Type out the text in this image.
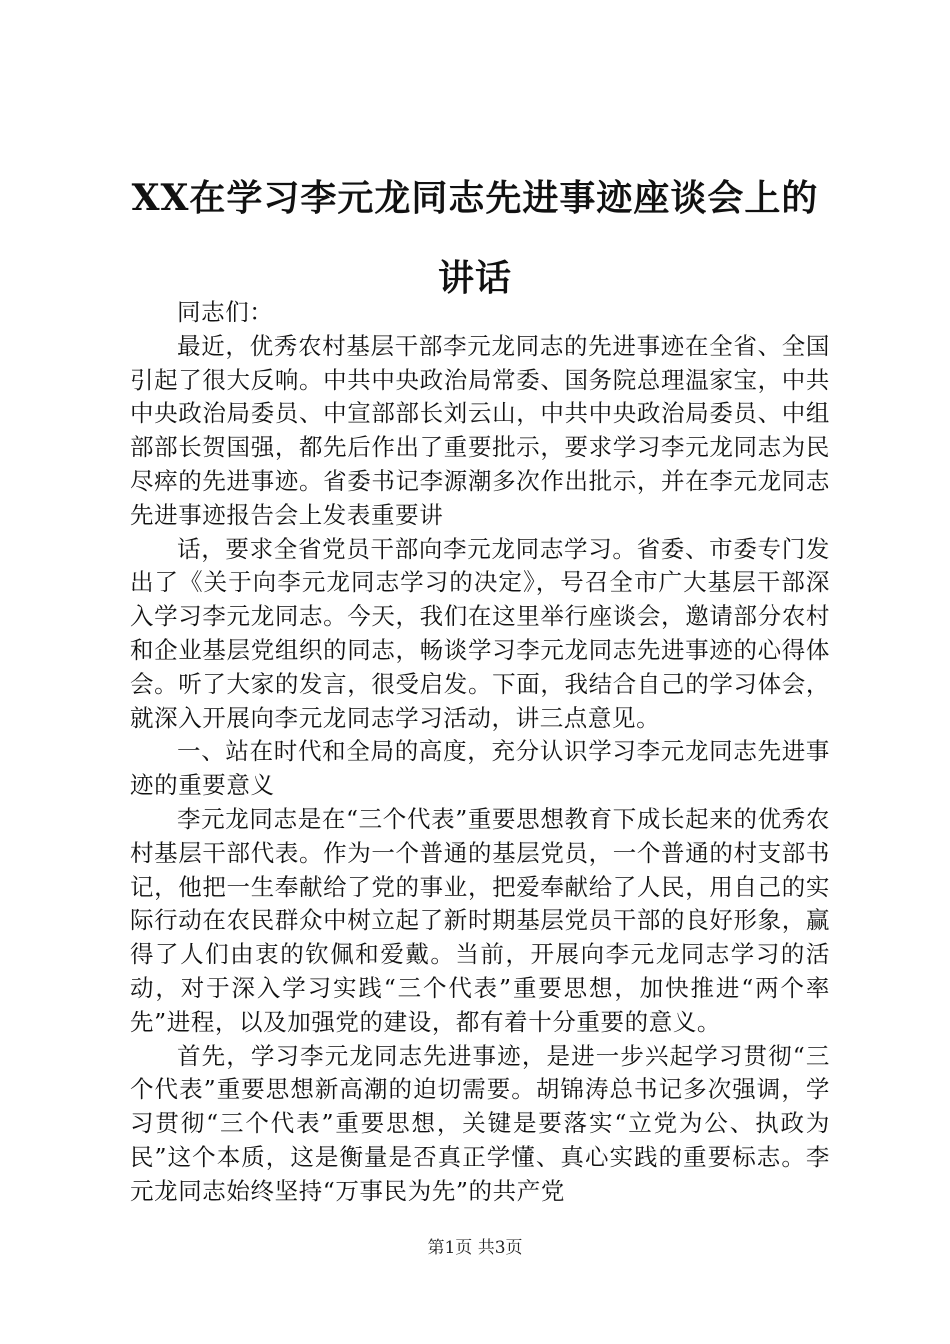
XX在学习李元龙同志先进事迹座谈会上的讲话

同志们：

最近，优秀农村基层干部李元龙同志的先进事迹在全省、全国引起了很大反响。中共中央政治局常委、国务院总理温家宝，中共中央政治局委员、中宣部部长刘云山，中共中央政治局委员、中组部部长贺国强，都先后作出了重要批示，要求学习李元龙同志为民尽瘁的先进事迹。省委书记李源潮多次作出批示，并在李元龙同志先进事迹报告会上发表重要讲

话，要求全省党员干部向李元龙同志学习。省委、市委专门发出了《关于向李元龙同志学习的决定》，号召全市广大基层干部深入学习李元龙同志。今天，我们在这里举行座谈会，邀请部分农村和企业基层党组织的同志，畅谈学习李元龙同志先进事迹的心得体会。听了大家的发言，很受启发。下面，我结合自己的学习体会，就深入开展向李元龙同志学习活动，讲三点意见。

一、站在时代和全局的高度，充分认识学习李元龙同志先进事迹的重要意义

李元龙同志是在“三个代表”重要思想教育下成长起来的优秀农村基层干部代表。作为一个普通的基层党员，一个普通的村支部书记，他把一生奉献给了党的事业，把爱奉献给了人民，用自己的实际行动在农民群众中树立起了新时期基层党员干部的良好形象，赢得了人们由衷的钦佩和爱戴。当前，开展向李元龙同志学习的活动，对于深入学习实践“三个代表”重要思想，加快推进“两个率先”进程，以及加强党的建设，都有着十分重要的意义。

首先，学习李元龙同志先进事迹，是进一步兴起学习贯彻“三个代表”重要思想新高潮的迫切需要。胡锦涛总书记多次强调，学习贯彻“三个代表”重要思想，关键是要落实“立党为公、执政为民”这个本质，这是衡量是否真正学懂、真心实践的重要标志。李元龙同志始终坚持“万事民为先”的共产党

第1页 共3页
